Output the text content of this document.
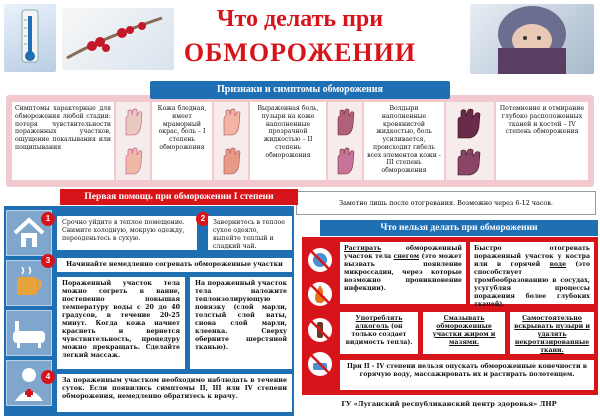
Что делать при
ОБМОРОЖЕНИИ
Признаки и симптомы обморожения
Симптомы характерные для обморожения любой стадии: потеря чувствительности пораженных участков, ощущение покалывания или пощипывания
Кожа бледная, имеет мраморный окрас, боль – I степень обморожения
Выраженная боль, пузыри на коже наполненные прозрачной жидкостью – II степень обморожения
Волдыри наполненные кровянистой жидкостью, боль усиливается, происходит гибель всех элементов кожи - III степень обморожения
Потемнение и отмирание глубоко расположенных тканей и костей – IV степень обморожения
Заметно лишь после отогревания. Возможно через 6-12 часов.
Первая помощь при обморожении I степени
1	Срочно уйдите в теплое помещение. Снимите холодную, мокрую одежду, переоденьтесь в сухую.
2	Завернитесь в теплое сухое одеяло, выпейте теплый и сладкий чай.
3	Начинайте немедленно согревать обмороженные участки
Пораженный участок тела можно согреть в ванне, постепенно повышая температуру воды с 20 до 40 градусов, в течение 20-25 минут. Когда кожа начнет краснеть и вернется чувствительность, процедуру можно прекращать. Сделайте легкий массаж.
На пораженный участок тела наложите теплоизолирующую повязку (слой марли, толстый слой ваты, снова слой марли, клеенка. Сверху оберните шерстяной тканью).
4	За пораженным участком необходимо наблюдать в течение суток. Если появились симптомы II, III или IV степени обморожения, немедленно обратитесь к врачу.
Что нельзя делать при обморожении
Растирать обмороженный участок тела снегом (это может вызвать появление микроссадин, через которые возможно проникновение инфекции).
Быстро отогревать пораженный участок у костра или в горячей воде (это способствует тромбообразованию в сосудах, усугубляя процессы поражения более глубоких тканей).
Употреблять алкоголь (он только создает видимость тепла).
Смазывать обмороженные участки жиром и мазями.
Самостоятельно вскрывать пузыри и удалять некротизированные ткани.
При II - IV степени нельзя опускать обмороженные конечности в горячую воду, массажировать их и растирать полотенцем.
ГУ «Луганский республиканский центр здоровья» ЛНР
